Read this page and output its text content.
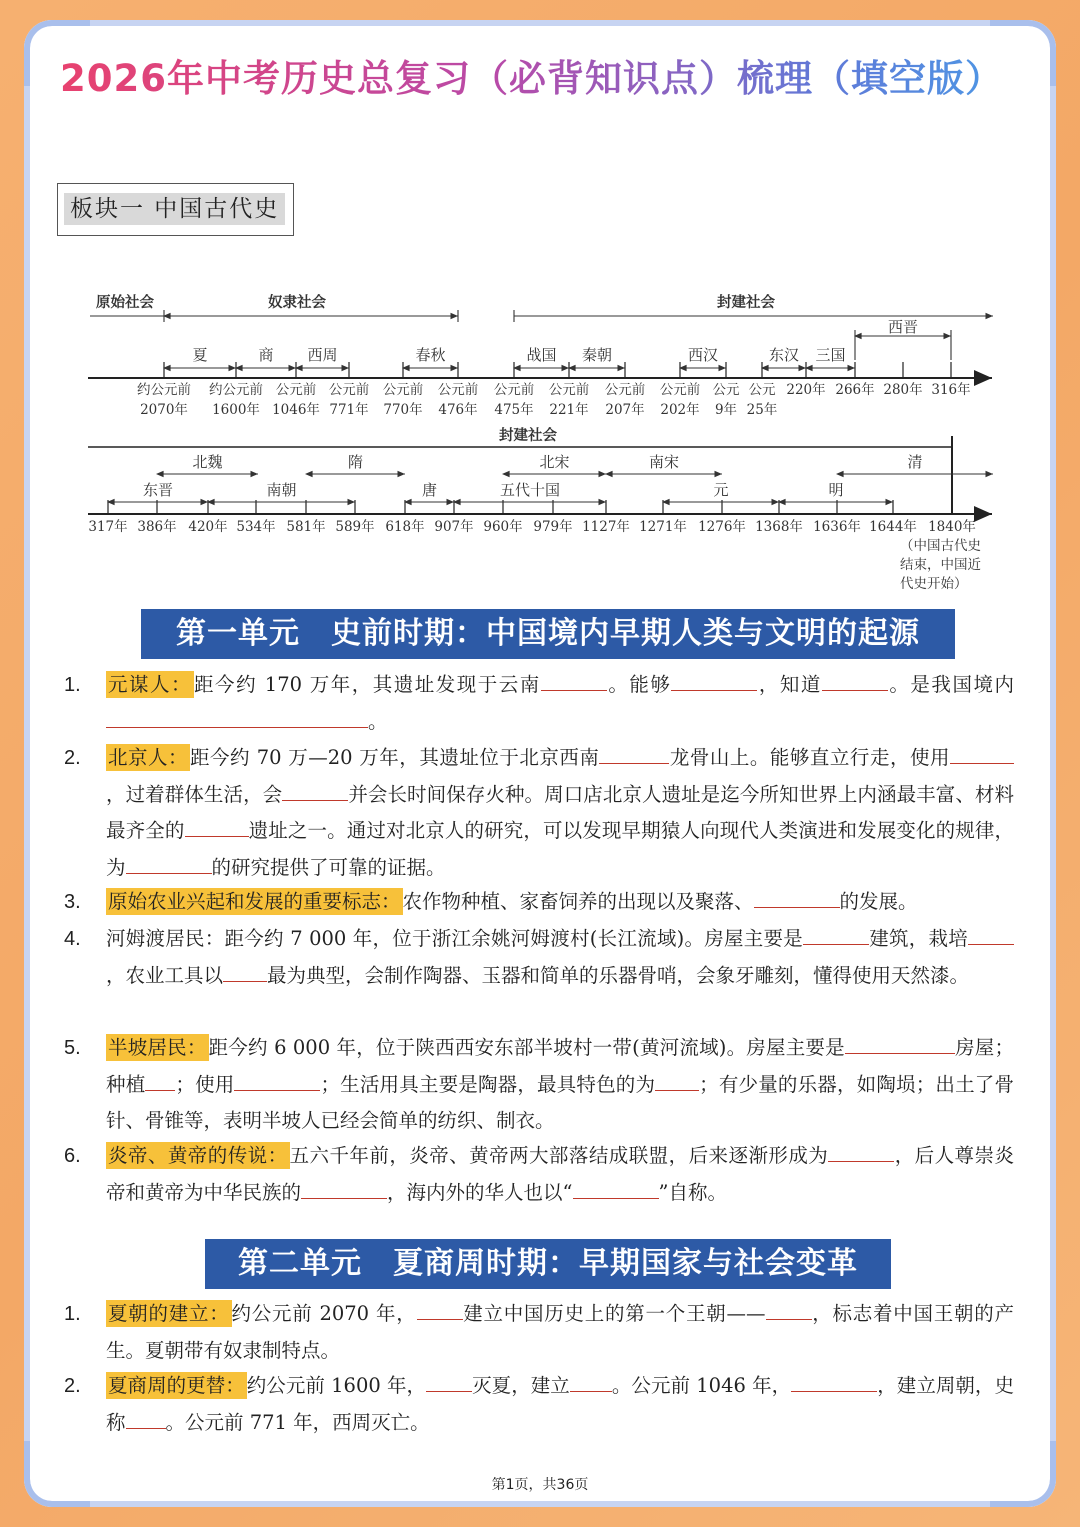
2026年中考历史总复习（必背知识点）梳理（填空版）
板块一 中国古代史
约公元前
2070年
约公元前
1600年
公元前
1046年
公元前
771年
公元前
770年
公元前
476年
公元前
475年
公元前
221年
公元前
207年
公元前
202年
公元
9年
公元
25年
220年 266年 280年 316年
原始社会	奴隶社会	封建社会
夏	商 西周	春秋	战国 秦朝	西汉	东汉 三国
西晋
封建社会
317年 386年 420年 534年 581年 589年 618年 907年 960年 979年 1127年 1271年 1276年 1368年 1636年 1644年 1840年
北魏	隋	北宋	南宋	清
东晋	南朝	唐	五代十国	元	明
（中国古代史
结束，中国近
代史开始）
第一单元　史前时期：中国境内早期人类与文明的起源
1.	元谋人： 距今约 170 万年，其遗址发现于云南	。能够	，知道	。是我国境内。
2.	北京人： 距今约 70 万—20 万年，其遗址位于北京西南	龙骨山上。能够直立行走，使用，过着群体生活，会	并会长时间保存火种。周口店北京人遗址是迄今所知世界上内涵最丰富、材料最齐全的	遗址之一。通过对北京人的研究，可以发现早期猿人向现代人类演进和发展变化的规律，为	的研究提供了可靠的证据。
3.	原始农业兴起和发展的重要标志： 农作物种植、家畜饲养的出现以及聚落、	的发展。
4.	河姆渡居民：距今约 7 000 年，位于浙江余姚河姆渡村(长江流域)。房屋主要是	建筑，栽培，农业工具以 最为典型，会制作陶器、玉器和简单的乐器骨哨，会象牙雕刻，懂得使用天然漆。
5.	半坡居民： 距今约 6 000 年，位于陕西西安东部半坡村一带(黄河流域)。房屋主要是	房屋；种植 ；使用	；生活用具主要是陶器，最具特色的为 ；有少量的乐器，如陶埙；出土了骨针、骨锥等，表明半坡人已经会简单的纺织、制衣。
6.	炎帝、黄帝的传说： 五六千年前，炎帝、黄帝两大部落结成联盟，后来逐渐形成为	，后人尊崇炎帝和黄帝为中华民族的	，海内外的华人也以“	”自称。
第二单元　夏商周时期：早期国家与社会变革
1.	夏朝的建立： 约公元前 2070 年， 建立中国历史上的第一个王朝—— ，标志着中国王朝的产生。夏朝带有奴隶制特点。
2.	夏商周的更替： 约公元前 1600 年， 灭夏，建立 。公元前 1046 年，	，建立周朝，史称 。公元前 771 年，西周灭亡。
第1页，共36页
